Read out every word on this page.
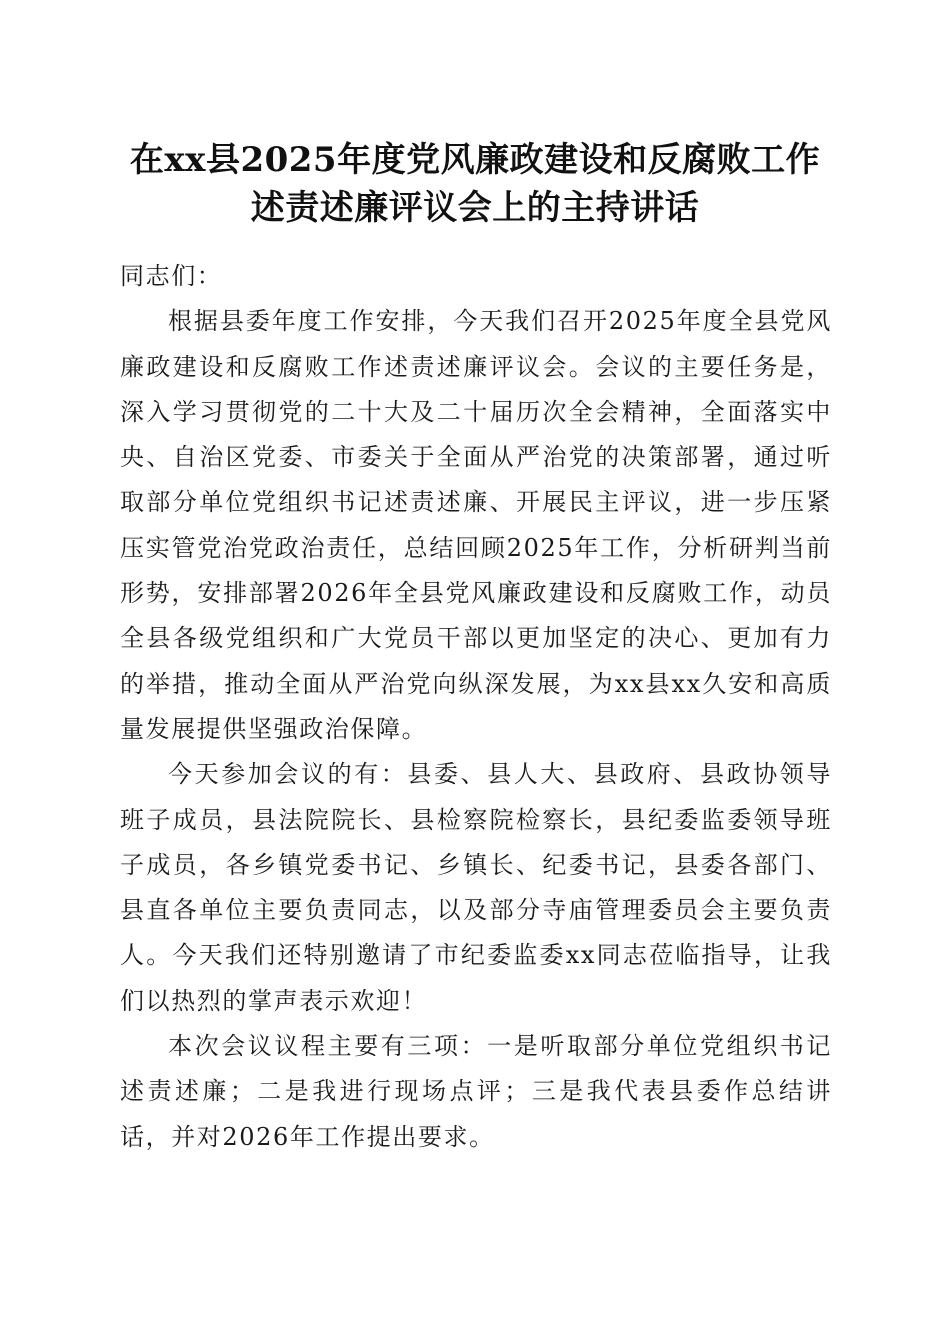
在xx县2025年度党风廉政建设和反腐败工作
述责述廉评议会上的主持讲话

同志们：

根据县委年度工作安排，今天我们召开2025年度全县党风廉政建设和反腐败工作述责述廉评议会。会议的主要任务是，深入学习贯彻党的二十大及二十届历次全会精神，全面落实中央、自治区党委、市委关于全面从严治党的决策部署，通过听取部分单位党组织书记述责述廉、开展民主评议，进一步压紧压实管党治党政治责任，总结回顾2025年工作，分析研判当前形势，安排部署2026年全县党风廉政建设和反腐败工作，动员全县各级党组织和广大党员干部以更加坚定的决心、更加有力的举措，推动全面从严治党向纵深发展，为xx县xx久安和高质量发展提供坚强政治保障。

今天参加会议的有：县委、县人大、县政府、县政协领导班子成员，县法院院长、县检察院检察长，县纪委监委领导班子成员，各乡镇党委书记、乡镇长、纪委书记，县委各部门、县直各单位主要负责同志，以及部分寺庙管理委员会主要负责人。今天我们还特别邀请了市纪委监委xx同志莅临指导，让我们以热烈的掌声表示欢迎！

本次会议议程主要有三项：一是听取部分单位党组织书记述责述廉；二是我进行现场点评；三是我代表县委作总结讲话，并对2026年工作提出要求。
